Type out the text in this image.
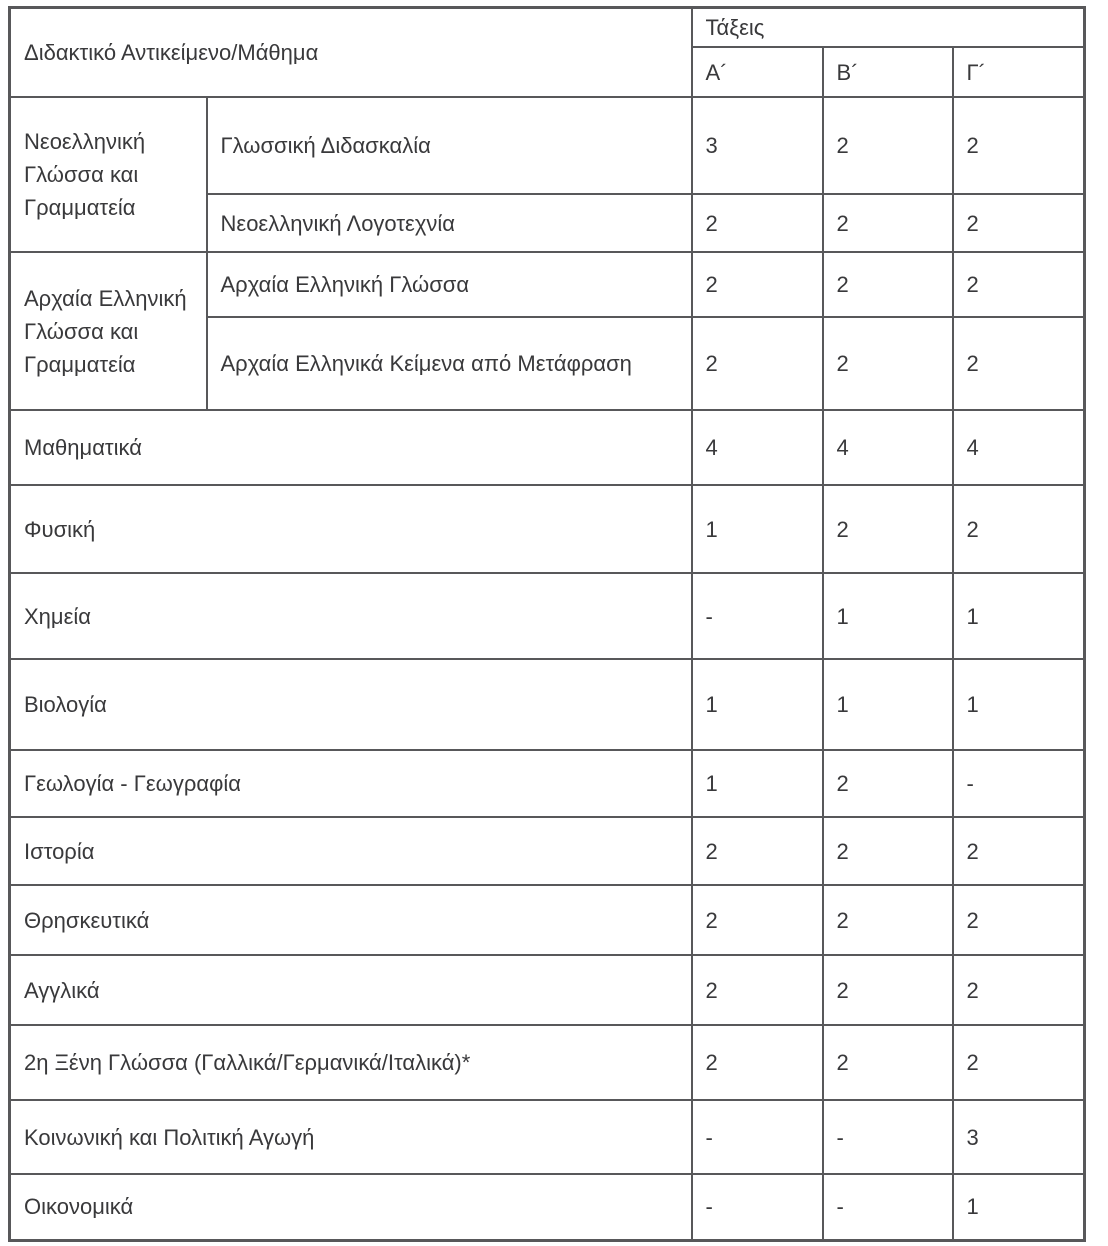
Διδακτικό Αντικείμενο/Μάθημα		Τάξεις		
		Α´	Β´	Γ´
Νεοελληνική Γλώσσα και Γραμματεία	Γλωσσική Διδασκαλία	3	2	2
	Νεοελληνική Λογοτεχνία	2	2	2
Αρχαία Ελληνική Γλώσσα και Γραμματεία	Αρχαία Ελληνική Γλώσσα	2	2	2
	Αρχαία Ελληνικά Κείμενα από Μετάφραση	2	2	2
Μαθηματικά		4	4	4
Φυσική		1	2	2
Χημεία		-	1	1
Βιολογία		1	1	1
Γεωλογία - Γεωγραφία		1	2	-
Ιστορία		2	2	2
Θρησκευτικά		2	2	2
Αγγλικά		2	2	2
2η Ξένη Γλώσσα (Γαλλικά/Γερμανικά/Ιταλικά)*		2	2	2
Κοινωνική και Πολιτική Αγωγή		-	-	3
Οικονομικά		-	-	1
